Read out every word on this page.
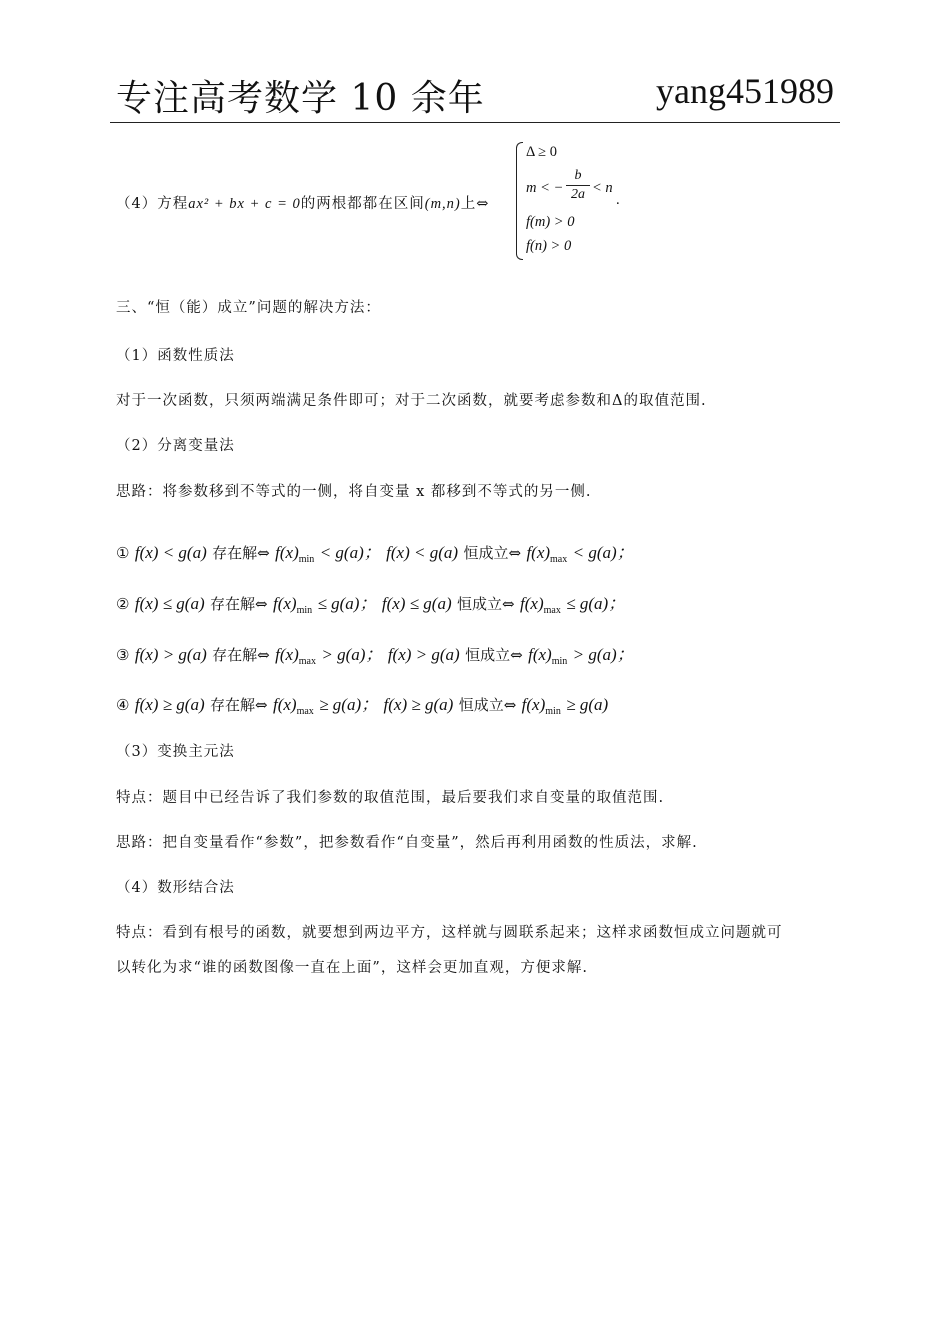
专注高考数学 10 余年	yang451989
（4）方程ax² + bx + c = 0的两根都都在区间(m,n)上⇔
Δ ≥ 0
m < −
b
2a < n
f(m) > 0
f(n) > 0
.
三、“恒（能）成立”问题的解决方法：
（1）函数性质法
对于一次函数，只须两端满足条件即可；对于二次函数，就要考虑参数和Δ的取值范围.
（2）分离变量法
思路：将参数移到不等式的一侧，将自变量 x 都移到不等式的另一侧.
① f(x) < g(a) 存在解⇔ $f(x)_{min} < g(a)$； f(x) < g(a) 恒成立⇔ $f(x)_{max} < g(a)$；
② f(x) ≤ g(a) 存在解⇔ $f(x)_{min} \le g(a)$； f(x) ≤ g(a) 恒成立⇔ $f(x)_{max} \le g(a)$；
③ f(x) > g(a) 存在解⇔ $f(x)_{max} > g(a)$； f(x) > g(a) 恒成立⇔ $f(x)_{min} > g(a)$；
④ f(x) ≥ g(a) 存在解⇔ $f(x)_{max} \ge g(a)$； f(x) ≥ g(a) 恒成立⇔ $f(x)_{min} \ge g(a)$
（3）变换主元法
特点：题目中已经告诉了我们参数的取值范围，最后要我们求自变量的取值范围.
思路：把自变量看作“参数”，把参数看作“自变量”，然后再利用函数的性质法，求解.
（4）数形结合法
特点：看到有根号的函数，就要想到两边平方，这样就与圆联系起来；这样求函数恒成立问题就可
以转化为求“谁的函数图像一直在上面”，这样会更加直观，方便求解.
